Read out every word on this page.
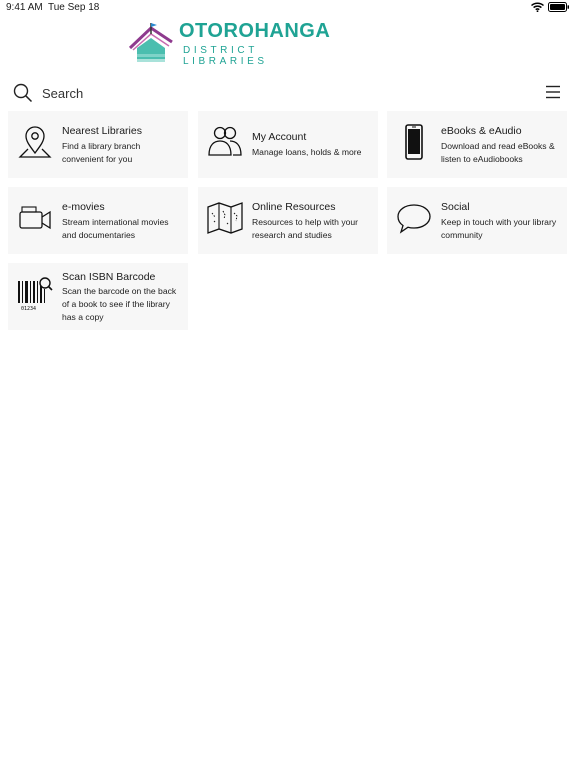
9:41 AM Tue Sep 18
OTOROHANGA
DISTRICT LIBRARIES
Search
Nearest Libraries
Find a library branch convenient for you
My Account
Manage loans, holds & more
eBooks & eAudio
Download and read eBooks & listen to eAudiobooks
e-movies
Stream international movies and documentaries
Online Resources
Resources to help with your research and studies
Social
Keep in touch with your library community
01234
Scan ISBN Barcode
Scan the barcode on the back of a book to see if the library has a copy
